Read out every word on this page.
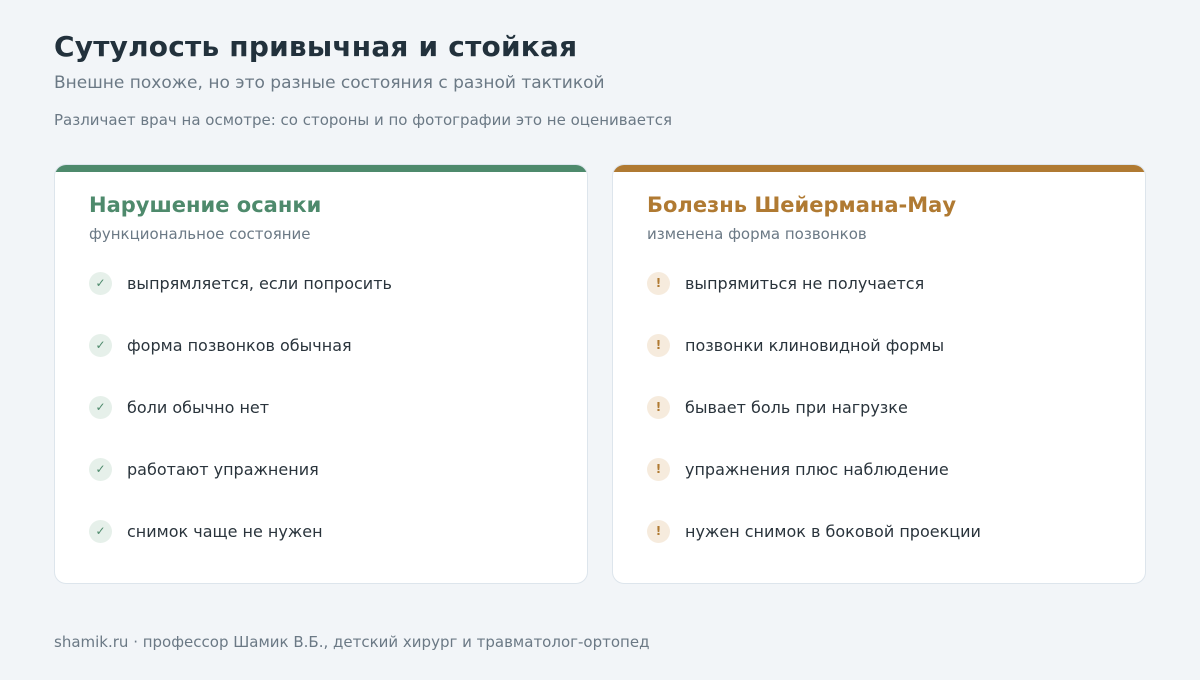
Сутулость привычная и стойкая
Внешне похоже, но это разные состояния с разной тактикой
Различает врач на осмотре: со стороны и по фотографии это не оценивается
Нарушение осанки
функциональное состояние
✓	выпрямляется, если попросить
✓	форма позвонков обычная
✓	боли обычно нет
✓	работают упражнения
✓	снимок чаще не нужен
Болезнь Шейермана-Мау
изменена форма позвонков
!	выпрямиться не получается
!	позвонки клиновидной формы
!	бывает боль при нагрузке
!	упражнения плюс наблюдение
!	нужен снимок в боковой проекции
shamik.ru · профессор Шамик В.Б., детский хирург и травматолог-ортопед
